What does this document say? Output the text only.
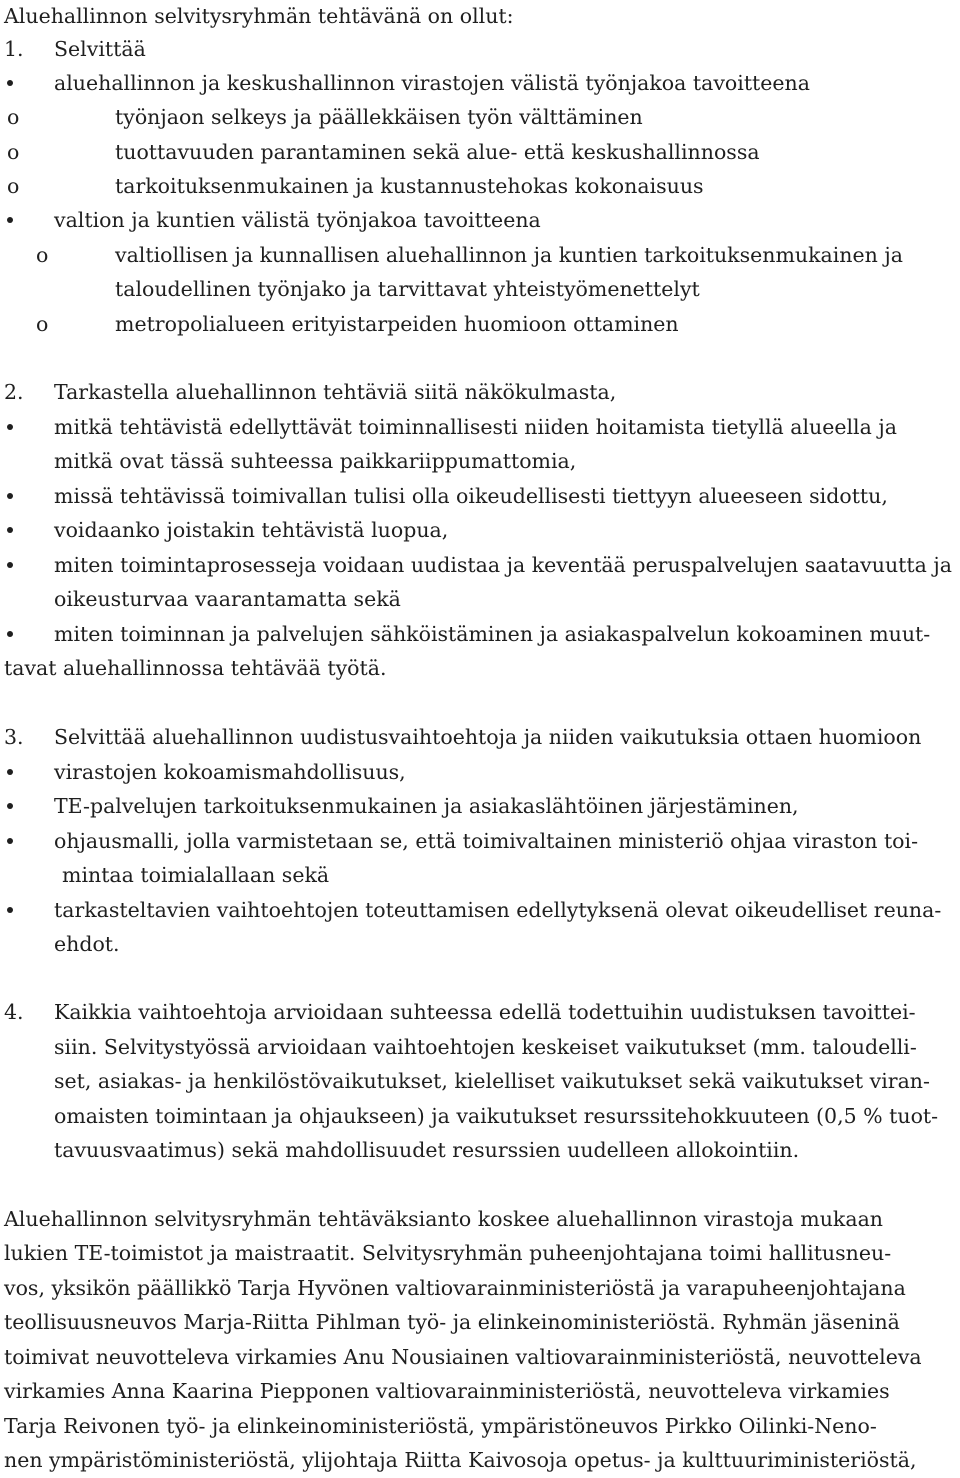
Aluehallinnon selvitysryhmän tehtävänä on ollut:
1. Selvittää
aluehallinnon ja keskushallinnon virastojen välistä työnjakoa tavoitteena
o	työnjaon selkeys ja päällekkäisen työn välttäminen
o	tuottavuuden parantaminen sekä alue- että keskushallinnossa
o	tarkoituksenmukainen ja kustannustehokas kokonaisuus
valtion ja kuntien välistä työnjakoa tavoitteena
o	valtiollisen ja kunnallisen aluehallinnon ja kuntien tarkoituksenmukainen ja
taloudellinen työnjako ja tarvittavat yhteistyömenettelyt
o	metropolialueen erityistarpeiden huomioon ottaminen
2. Tarkastella aluehallinnon tehtäviä siitä näkökulmasta,
mitkä tehtävistä edellyttävät toiminnallisesti niiden hoitamista tietyllä alueella ja
mitkä ovat tässä suhteessa paikkariippumattomia,
missä tehtävissä toimivallan tulisi olla oikeudellisesti tiettyyn alueeseen sidottu,
voidaanko joistakin tehtävistä luopua,
miten toimintaprosesseja voidaan uudistaa ja keventää peruspalvelujen saatavuutta ja
oikeusturvaa vaarantamatta sekä
miten toiminnan ja palvelujen sähköistäminen ja asiakaspalvelun kokoaminen muut-
tavat aluehallinnossa tehtävää työtä.
3. Selvittää aluehallinnon uudistusvaihtoehtoja ja niiden vaikutuksia ottaen huomioon
virastojen kokoamismahdollisuus,
TE-palvelujen tarkoituksenmukainen ja asiakaslähtöinen järjestäminen,
ohjausmalli, jolla varmistetaan se, että toimivaltainen ministeriö ohjaa viraston toi-
mintaa toimialallaan sekä
tarkasteltavien vaihtoehtojen toteuttamisen edellytyksenä olevat oikeudelliset reuna-
ehdot.
4. Kaikkia vaihtoehtoja arvioidaan suhteessa edellä todettuihin uudistuksen tavoittei-
siin. Selvitystyössä arvioidaan vaihtoehtojen keskeiset vaikutukset (mm. taloudelli-
set, asiakas- ja henkilöstövaikutukset, kielelliset vaikutukset sekä vaikutukset viran-
omaisten toimintaan ja ohjaukseen) ja vaikutukset resurssitehokkuuteen (0,5 % tuot-
tavuusvaatimus) sekä mahdollisuudet resurssien uudelleen allokointiin.
Aluehallinnon selvitysryhmän tehtäväksianto koskee aluehallinnon virastoja mukaan
lukien TE-toimistot ja maistraatit. Selvitysryhmän puheenjohtajana toimi hallitusneu-
vos, yksikön päällikkö Tarja Hyvönen valtiovarainministeriöstä ja varapuheenjohtajana
teollisuusneuvos Marja-Riitta Pihlman työ- ja elinkeinoministeriöstä. Ryhmän jäseninä
toimivat neuvotteleva virkamies Anu Nousiainen valtiovarainministeriöstä, neuvotteleva
virkamies Anna Kaarina Piepponen valtiovarainministeriöstä, neuvotteleva virkamies
Tarja Reivonen työ- ja elinkeinoministeriöstä, ympäristöneuvos Pirkko Oilinki-Neno-
nen ympäristöministeriöstä, ylijohtaja Riitta Kaivosoja opetus- ja kulttuuriministeriöstä,
